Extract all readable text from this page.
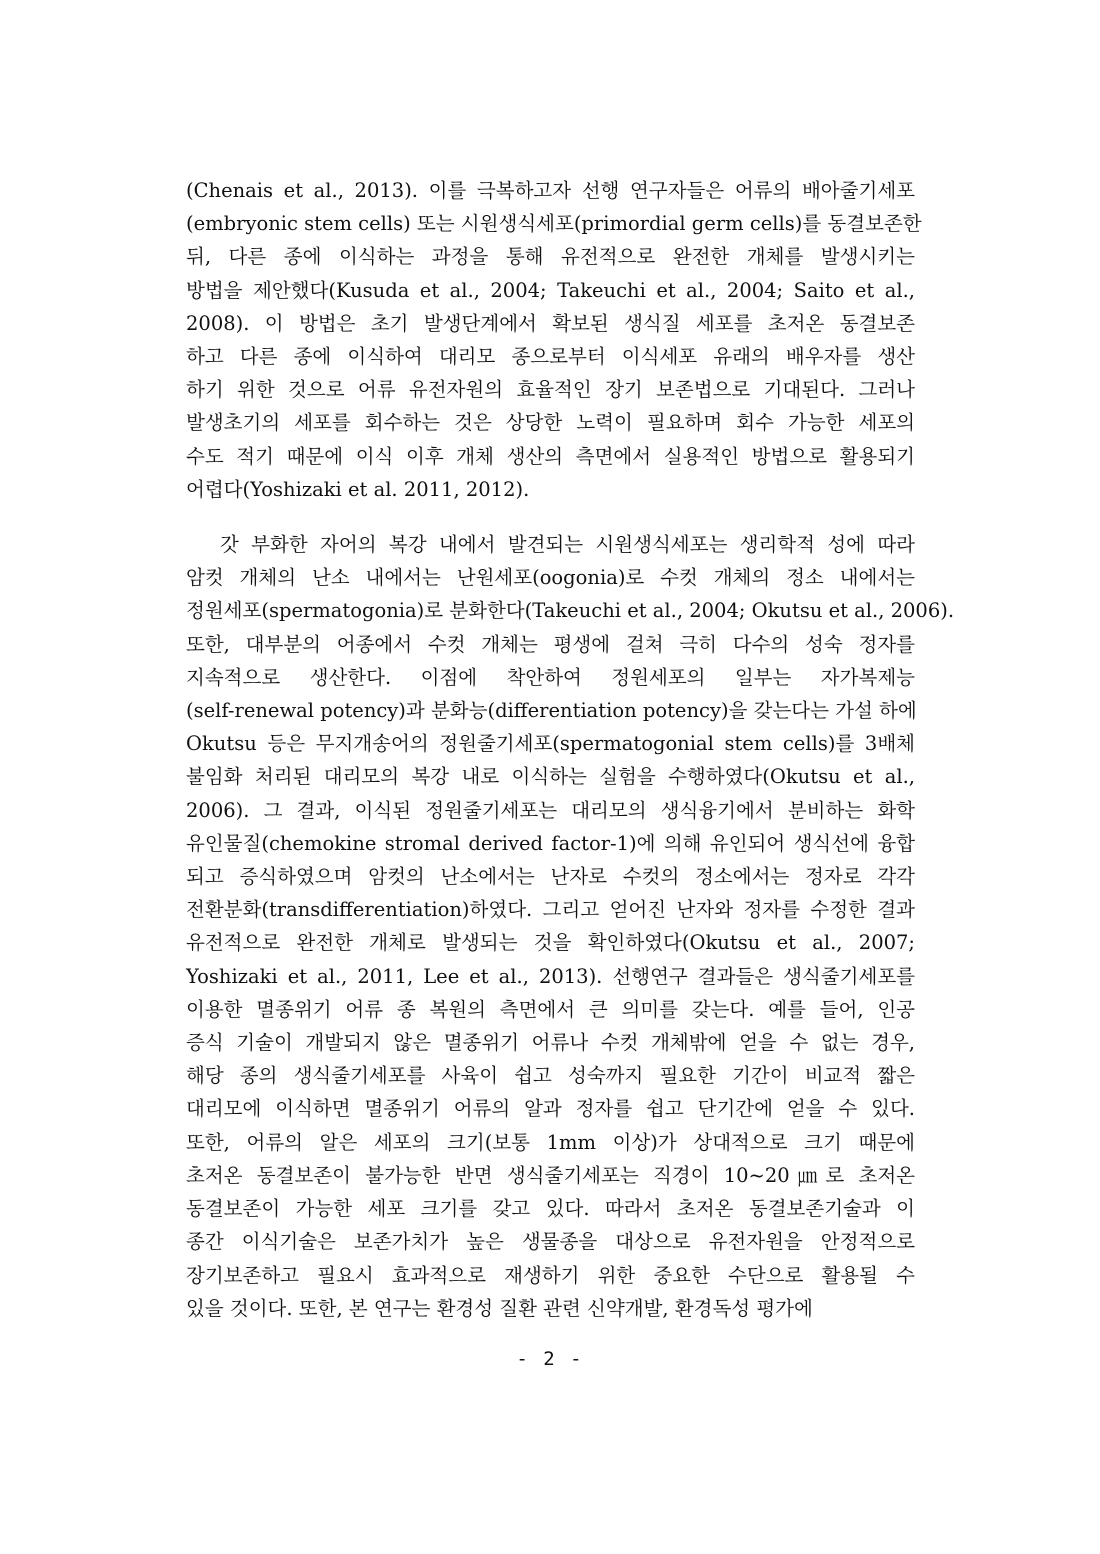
(Chenais et al., 2013). 이를 극복하고자 선행 연구자들은 어류의 배아줄기세포
(embryonic stem cells) 또는 시원생식세포(primordial germ cells)를 동결보존한
뒤, 다른 종에 이식하는 과정을 통해 유전적으로 완전한 개체를 발생시키는
방법을 제안했다(Kusuda et al., 2004; Takeuchi et al., 2004; Saito et al.,
2008). 이 방법은 초기 발생단계에서 확보된 생식질 세포를 초저온 동결보존
하고 다른 종에 이식하여 대리모 종으로부터 이식세포 유래의 배우자를 생산
하기 위한 것으로 어류 유전자원의 효율적인 장기 보존법으로 기대된다. 그러나
발생초기의 세포를 회수하는 것은 상당한 노력이 필요하며 회수 가능한 세포의
수도 적기 때문에 이식 이후 개체 생산의 측면에서 실용적인 방법으로 활용되기
어렵다(Yoshizaki et al. 2011, 2012).

갓 부화한 자어의 복강 내에서 발견되는 시원생식세포는 생리학적 성에 따라
암컷 개체의 난소 내에서는 난원세포(oogonia)로 수컷 개체의 정소 내에서는
정원세포(spermatogonia)로 분화한다(Takeuchi et al., 2004; Okutsu et al., 2006).
또한, 대부분의 어종에서 수컷 개체는 평생에 걸쳐 극히 다수의 성숙 정자를
지속적으로 생산한다. 이점에 착안하여 정원세포의 일부는 자가복제능
(self-renewal potency)과 분화능(differentiation potency)을 갖는다는 가설 하에
Okutsu 등은 무지개송어의 정원줄기세포(spermatogonial stem cells)를 3배체
불임화 처리된 대리모의 복강 내로 이식하는 실험을 수행하였다(Okutsu et al.,
2006). 그 결과, 이식된 정원줄기세포는 대리모의 생식융기에서 분비하는 화학
유인물질(chemokine stromal derived factor-1)에 의해 유인되어 생식선에 융합
되고 증식하였으며 암컷의 난소에서는 난자로 수컷의 정소에서는 정자로 각각
전환분화(transdifferentiation)하였다. 그리고 얻어진 난자와 정자를 수정한 결과
유전적으로 완전한 개체로 발생되는 것을 확인하였다(Okutsu et al., 2007;
Yoshizaki et al., 2011, Lee et al., 2013). 선행연구 결과들은 생식줄기세포를
이용한 멸종위기 어류 종 복원의 측면에서 큰 의미를 갖는다. 예를 들어, 인공
증식 기술이 개발되지 않은 멸종위기 어류나 수컷 개체밖에 얻을 수 없는 경우,
해당 종의 생식줄기세포를 사육이 쉽고 성숙까지 필요한 기간이 비교적 짧은
대리모에 이식하면 멸종위기 어류의 알과 정자를 쉽고 단기간에 얻을 수 있다.
또한, 어류의 알은 세포의 크기(보통 1mm 이상)가 상대적으로 크기 때문에
초저온 동결보존이 불가능한 반면 생식줄기세포는 직경이 10~20㎛로 초저온
동결보존이 가능한 세포 크기를 갖고 있다. 따라서 초저온 동결보존기술과 이
종간 이식기술은 보존가치가 높은 생물종을 대상으로 유전자원을 안정적으로
장기보존하고 필요시 효과적으로 재생하기 위한 중요한 수단으로 활용될 수
있을 것이다. 또한, 본 연구는 환경성 질환 관련 신약개발, 환경독성 평가에

- 2 -
